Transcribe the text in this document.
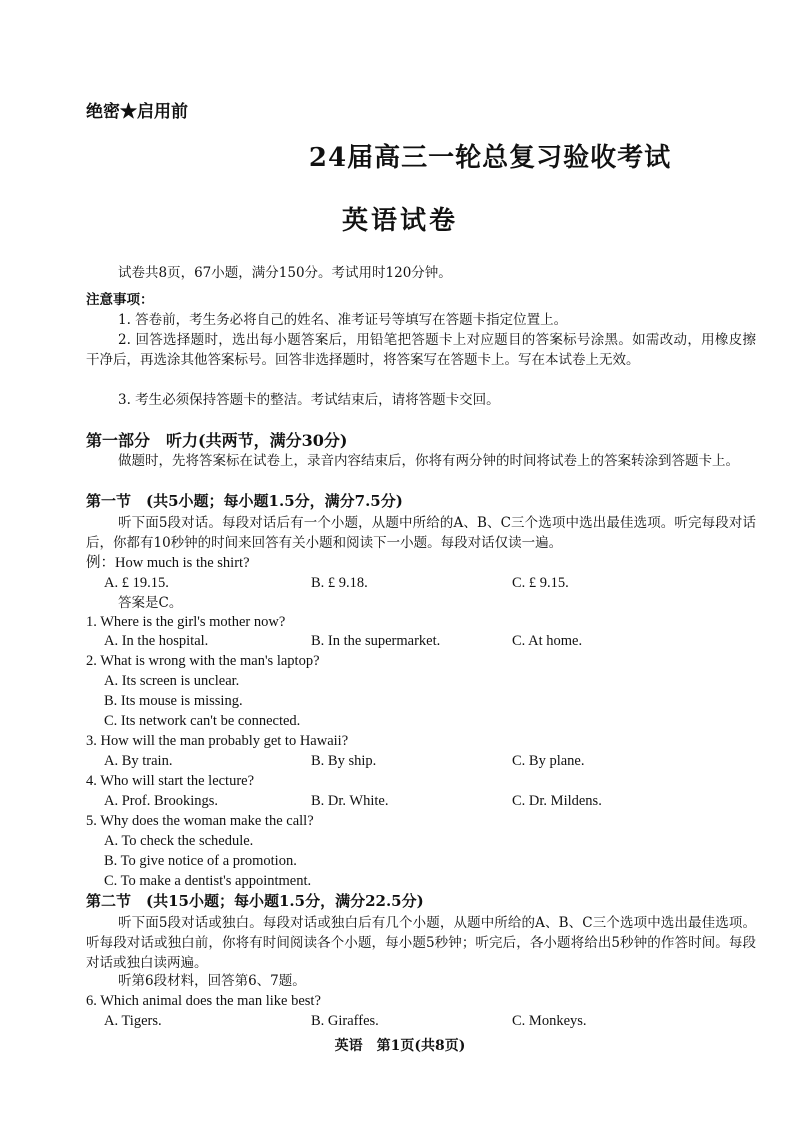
绝密★启用前
24届高三一轮总复习验收考试
英语试卷
试卷共8页，67小题，满分150分。考试用时120分钟。
注意事项：
1. 答卷前，考生务必将自己的姓名、准考证号等填写在答题卡指定位置上。
2. 回答选择题时，选出每小题答案后，用铅笔把答题卡上对应题目的答案标号涂黑。如需改动，用橡皮擦干净后，再选涂其他答案标号。回答非选择题时，将答案写在答题卡上。写在本试卷上无效。
3. 考生必须保持答题卡的整洁。考试结束后，请将答题卡交回。
第一部分　听力(共两节，满分30分)
做题时，先将答案标在试卷上，录音内容结束后，你将有两分钟的时间将试卷上的答案转涂到答题卡上。
第一节　(共5小题；每小题1.5分，满分7.5分)
听下面5段对话。每段对话后有一个小题，从题中所给的A、B、C三个选项中选出最佳选项。听完每段对话后，你都有10秒钟的时间来回答有关小题和阅读下一小题。每段对话仅读一遍。
例：How much is the shirt?
A. £ 19.15.	B. £ 9.18.	C. £ 9.15.
答案是C。
1. Where is the girl's mother now?
A. In the hospital.	B. In the supermarket.	C. At home.
2. What is wrong with the man's laptop?
A. Its screen is unclear.
B. Its mouse is missing.
C. Its network can't be connected.
3. How will the man probably get to Hawaii?
A. By train.	B. By ship.	C. By plane.
4. Who will start the lecture?
A. Prof. Brookings.	B. Dr. White.	C. Dr. Mildens.
5. Why does the woman make the call?
A. To check the schedule.
B. To give notice of a promotion.
C. To make a dentist's appointment.
第二节　(共15小题；每小题1.5分，满分22.5分)
听下面5段对话或独白。每段对话或独白后有几个小题，从题中所给的A、B、C三个选项中选出最佳选项。听每段对话或独白前，你将有时间阅读各个小题，每小题5秒钟；听完后，各小题将给出5秒钟的作答时间。每段对话或独白读两遍。
听第6段材料，回答第6、7题。
6. Which animal does the man like best?
A. Tigers.	B. Giraffes.	C. Monkeys.
英语　第1页(共8页)
